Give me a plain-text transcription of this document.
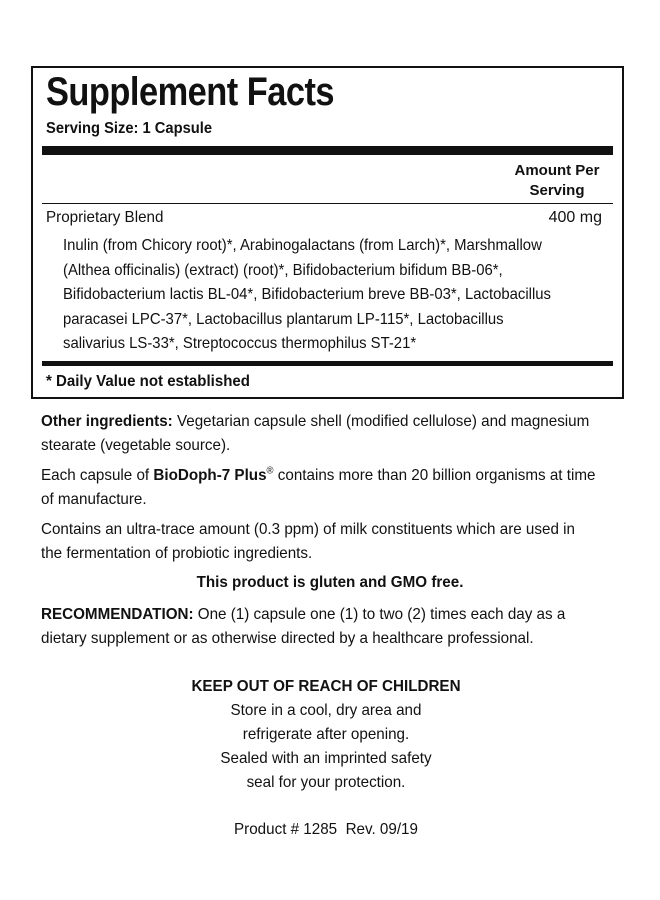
Supplement Facts
Serving Size: 1 Capsule
Amount Per
Serving
Proprietary Blend	400 mg
Inulin (from Chicory root)*, Arabinogalactans (from Larch)*, Marshmallow
(Althea officinalis) (extract) (root)*, Bifidobacterium bifidum BB-06*,
Bifidobacterium lactis BL-04*, Bifidobacterium breve BB-03*, Lactobacillus
paracasei LPC-37*, Lactobacillus plantarum LP-115*, Lactobacillus
salivarius LS-33*, Streptococcus thermophilus ST-21*
* Daily Value not established
Other ingredients: Vegetarian capsule shell (modified cellulose) and magnesium
stearate (vegetable source).
Each capsule of BioDoph-7 Plus® contains more than 20 billion organisms at time
of manufacture.
Contains an ultra-trace amount (0.3 ppm) of milk constituents which are used in
the fermentation of probiotic ingredients.
This product is gluten and GMO free.
RECOMMENDATION: One (1) capsule one (1) to two (2) times each day as a
dietary supplement or as otherwise directed by a healthcare professional.
KEEP OUT OF REACH OF CHILDREN
Store in a cool, dry area and
refrigerate after opening.
Sealed with an imprinted safety
seal for your protection.
Product # 1285  Rev. 09/19
